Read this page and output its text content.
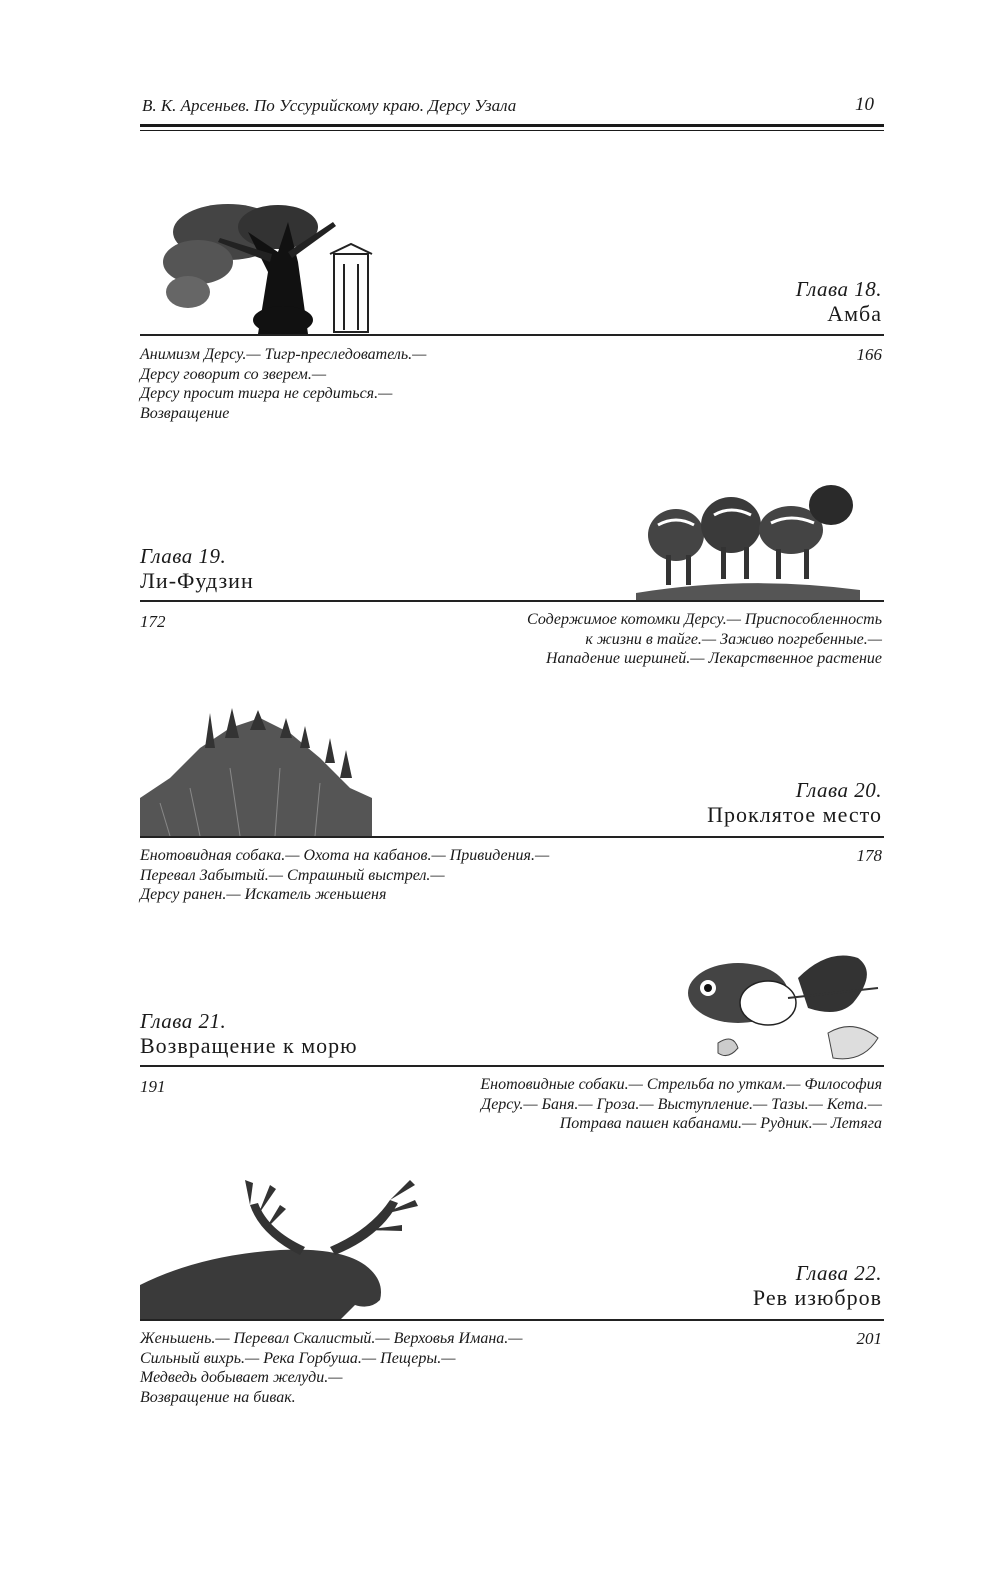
В. К. Арсеньев. По Уссурийскому краю. Дерсу Узала	10
Глава 18.
Амба
Анимизм Дерсу.— Тигр-преследователь.—
Дерсу говорит со зверем.—
Дерсу просит тигра не сердиться.—
Возвращение
166
Глава 19.
Ли-Фудзин
172	Содержимое котомки Дерсу.— Приспособленность
к жизни в тайге.— Заживо погребенные.—
Нападение шершней.— Лекарственное растение
Глава 20.
Проклятое место
Енотовидная собака.— Охота на кабанов.— Привидения.—
Перевал Забытый.— Страшный выстрел.—
Дерсу ранен.— Искатель женьшеня
178
Глава 21.
Возвращение к морю
191	Енотовидные собаки.— Стрельба по уткам.— Философия
Дерсу.— Баня.— Гроза.— Выступление.— Тазы.— Кета.—
Потрава пашен кабанами.— Рудник.— Летяга
Глава 22.
Рев изюбров
Женьшень.— Перевал Скалистый.— Верховья Имана.—
Сильный вихрь.— Река Горбуша.— Пещеры.—
Медведь добывает желуди.—
Возвращение на бивак.
201
